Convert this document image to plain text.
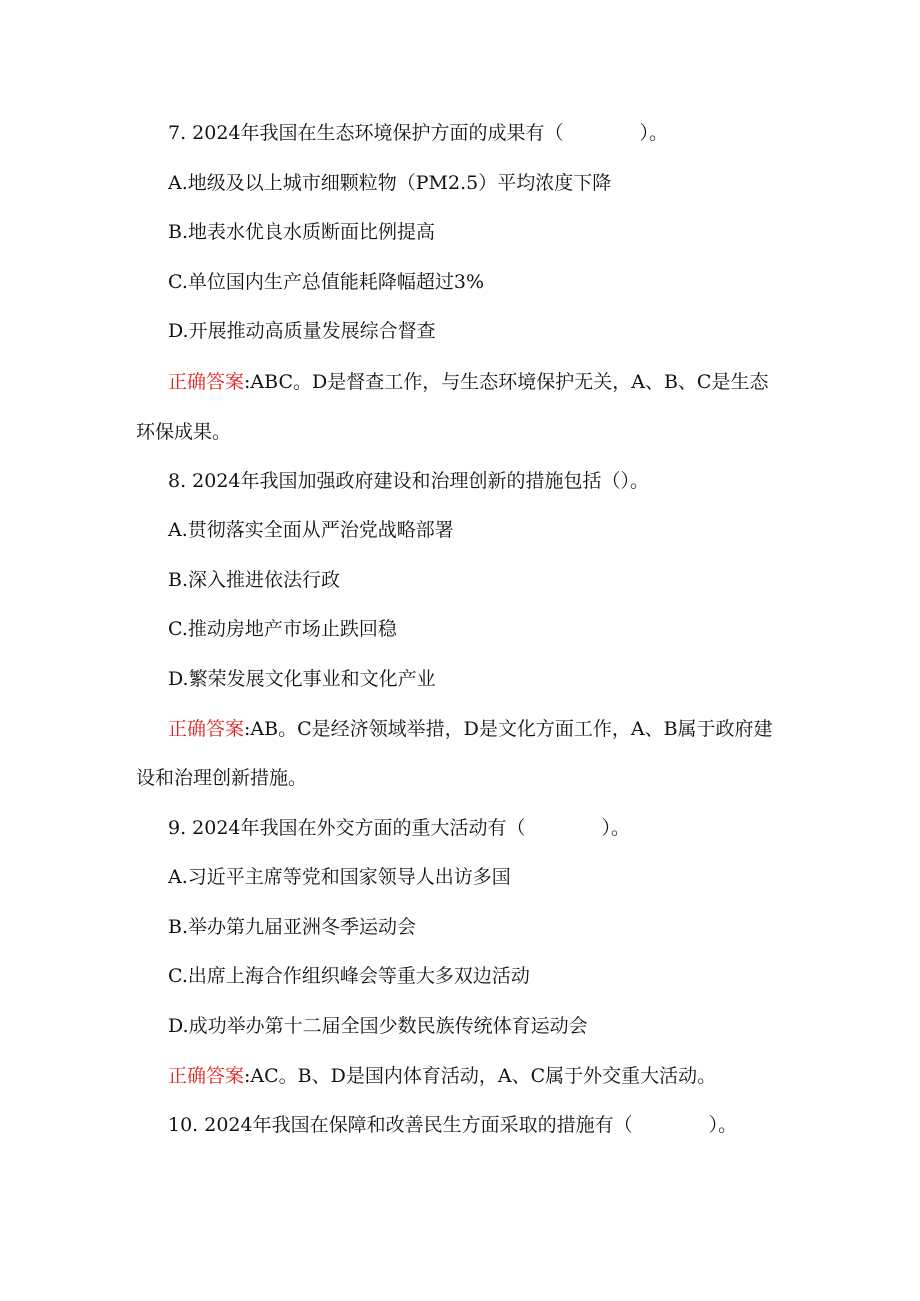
7. 2024年我国在生态环境保护方面的成果有（　　　　）。
A.地级及以上城市细颗粒物（PM2.5）平均浓度下降
B.地表水优良水质断面比例提高
C.单位国内生产总值能耗降幅超过3%
D.开展推动高质量发展综合督查
正确答案:ABC。D是督查工作，与生态环境保护无关，A、B、C是生态
环保成果。
8. 2024年我国加强政府建设和治理创新的措施包括（）。
A.贯彻落实全面从严治党战略部署
B.深入推进依法行政
C.推动房地产市场止跌回稳
D.繁荣发展文化事业和文化产业
正确答案:AB。C是经济领域举措，D是文化方面工作，A、B属于政府建
设和治理创新措施。
9. 2024年我国在外交方面的重大活动有（　　　　）。
A.习近平主席等党和国家领导人出访多国
B.举办第九届亚洲冬季运动会
C.出席上海合作组织峰会等重大多双边活动
D.成功举办第十二届全国少数民族传统体育运动会
正确答案:AC。B、D是国内体育活动，A、C属于外交重大活动。
10. 2024年我国在保障和改善民生方面采取的措施有（　　　　）。
